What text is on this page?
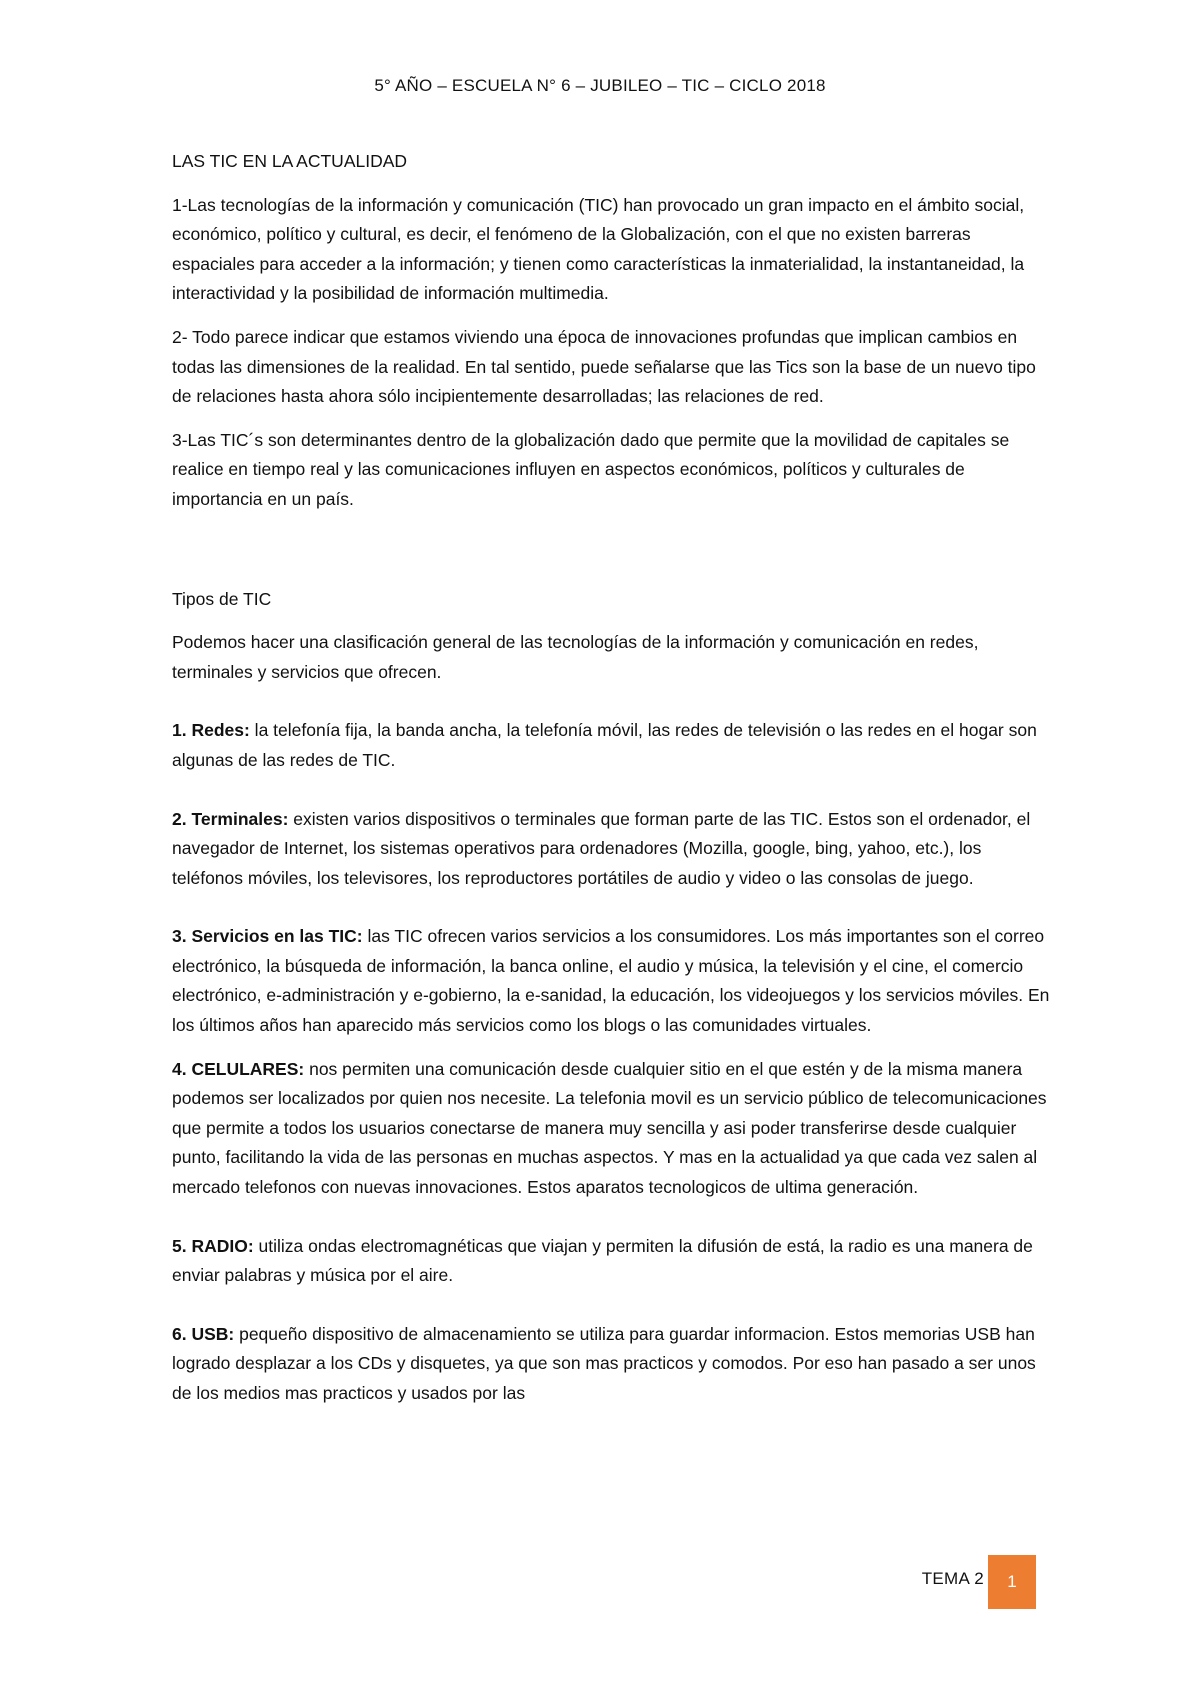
5° AÑO – ESCUELA N° 6 – JUBILEO – TIC – CICLO 2018

LAS TIC EN LA ACTUALIDAD

1-Las tecnologías de la información y comunicación (TIC) han provocado un gran impacto en el ámbito social, económico, político y cultural, es decir, el fenómeno de la Globalización, con el que no existen barreras espaciales para acceder a la información; y tienen como características la inmaterialidad, la instantaneidad, la interactividad y la posibilidad de información multimedia.

2- Todo parece indicar que estamos viviendo una época de innovaciones profundas que implican cambios en todas las dimensiones de la realidad. En tal sentido, puede señalarse que las Tics son la base de un nuevo tipo de relaciones hasta ahora sólo incipientemente desarrolladas; las relaciones de red.

3-Las TIC´s son determinantes dentro de la globalización dado que permite que la movilidad de capitales se realice en tiempo real y las comunicaciones influyen en aspectos económicos, políticos y culturales de importancia en un país.

Tipos de TIC

Podemos hacer una clasificación general de las tecnologías de la información y comunicación en redes, terminales y servicios que ofrecen.

1. Redes: la telefonía fija, la banda ancha, la telefonía móvil, las redes de televisión o las redes en el hogar son algunas de las redes de TIC.

2. Terminales: existen varios dispositivos o terminales que forman parte de las TIC. Estos son el ordenador, el navegador de Internet, los sistemas operativos para ordenadores (Mozilla, google, bing, yahoo, etc.), los teléfonos móviles, los televisores, los reproductores portátiles de audio y video o las consolas de juego.

3. Servicios en las TIC: las TIC ofrecen varios servicios a los consumidores. Los más importantes son el correo electrónico, la búsqueda de información, la banca online, el audio y música, la televisión y el cine, el comercio electrónico, e-administración y e-gobierno, la e-sanidad, la educación, los videojuegos y los servicios móviles. En los últimos años han aparecido más servicios como los blogs o las comunidades virtuales.

4. CELULARES: nos permiten una comunicación desde cualquier sitio en el que estén y de la misma manera podemos ser localizados por quien nos necesite. La telefonia movil es un servicio público de telecomunicaciones que permite a todos los usuarios conectarse de manera muy sencilla y asi poder transferirse desde cualquier punto, facilitando la vida de las personas en muchas aspectos. Y mas en la actualidad ya que cada vez salen al mercado telefonos con nuevas innovaciones. Estos aparatos tecnologicos de ultima generación.

5. RADIO: utiliza ondas electromagnéticas que viajan y permiten la difusión de está, la radio es una manera de enviar palabras y música por el aire.

6. USB: pequeño dispositivo de almacenamiento se utiliza para guardar informacion. Estos memorias USB han logrado desplazar a los CDs y disquetes, ya que son mas practicos y comodos. Por eso han pasado a ser unos de los medios mas practicos y usados por las

TEMA 2	1
